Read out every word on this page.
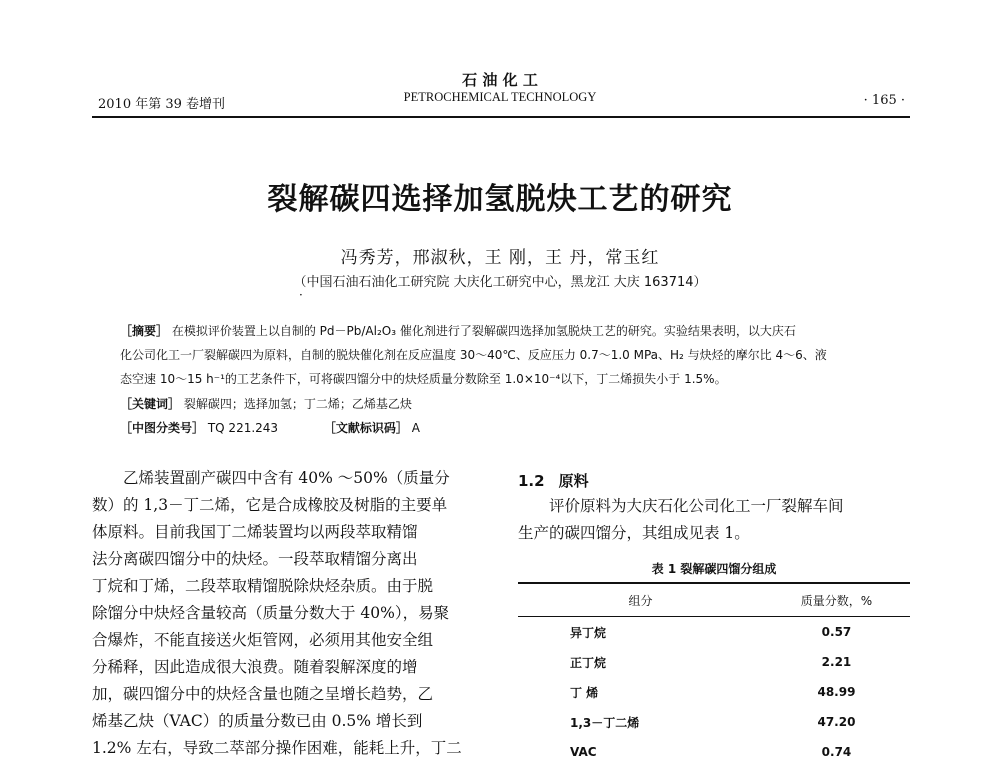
石 油 化 工
PETROCHEMICAL TECHNOLOGY
2010 年第 39 卷增刊	· 165 ·
裂解碳四选择加氢脱炔工艺的研究
冯秀芳，邢淑秋，王 刚，王 丹，常玉红
（中国石油石油化工研究院 大庆化工研究中心，黑龙江 大庆 163714）
·
［摘要］ 在模拟评价装置上以自制的 Pd－Pb/Al₂O₃ 催化剂进行了裂解碳四选择加氢脱炔工艺的研究。实验结果表明，以大庆石
化公司化工一厂裂解碳四为原料，自制的脱炔催化剂在反应温度 30～40℃、反应压力 0.7～1.0 MPa、H₂ 与炔烃的摩尔比 4～6、液
态空速 10～15 h⁻¹的工艺条件下，可将碳四馏分中的炔烃质量分数除至 1.0×10⁻⁴以下，丁二烯损失小于 1.5%。
［关键词］ 裂解碳四；选择加氢；丁二烯；乙烯基乙炔
［中图分类号］ TQ 221.243	［文献标识码］ A
　　乙烯装置副产碳四中含有 40% ～50%（质量分
数）的 1,3－丁二烯，它是合成橡胶及树脂的主要单
体原料。目前我国丁二烯装置均以两段萃取精馏
法分离碳四馏分中的炔烃。一段萃取精馏分离出
丁烷和丁烯，二段萃取精馏脱除炔烃杂质。由于脱
除馏分中炔烃含量较高（质量分数大于 40%），易聚
合爆炸，不能直接送火炬管网，必须用其他安全组
分稀释，因此造成很大浪费。随着裂解深度的增
加，碳四馏分中的炔烃含量也随之呈增长趋势，乙
烯基乙炔（VAC）的质量分数已由 0.5% 增长到
1.2% 左右，导致二萃部分操作困难，能耗上升，丁二
1.2 原料
　　评价原料为大庆石化公司化工一厂裂解车间
生产的碳四馏分，其组成见表 1。
表 1 裂解碳四馏分组成
组分	质量分数，%
异丁烷	0.57
正丁烷	2.21
丁 烯	48.99
1,3－丁二烯	47.20
VAC	0.74
